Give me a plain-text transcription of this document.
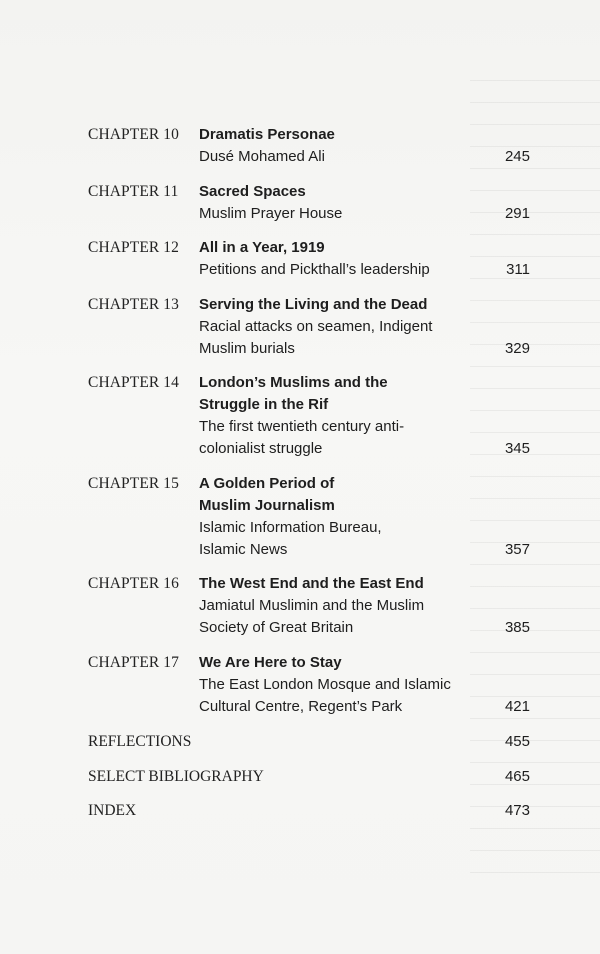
CHAPTER 10 Dramatis Personae
Dusé Mohamed Ali	245
CHAPTER 11 Sacred Spaces
Muslim Prayer House	291
CHAPTER 12 All in a Year, 1919
Petitions and Pickthall’s leadership	311
CHAPTER 13 Serving the Living and the Dead
Racial attacks on seamen, Indigent
Muslim burials	329
CHAPTER 14 London’s Muslims and the
Struggle in the Rif
The first twentieth century anti-
colonialist struggle	345
CHAPTER 15 A Golden Period of
Muslim Journalism
Islamic Information Bureau,
Islamic News	357
CHAPTER 16 The West End and the East End
Jamiatul Muslimin and the Muslim
Society of Great Britain	385
CHAPTER 17 We Are Here to Stay
The East London Mosque and Islamic
Cultural Centre, Regent’s Park	421
REFLECTIONS	455
SELECT BIBLIOGRAPHY	465
INDEX	473
